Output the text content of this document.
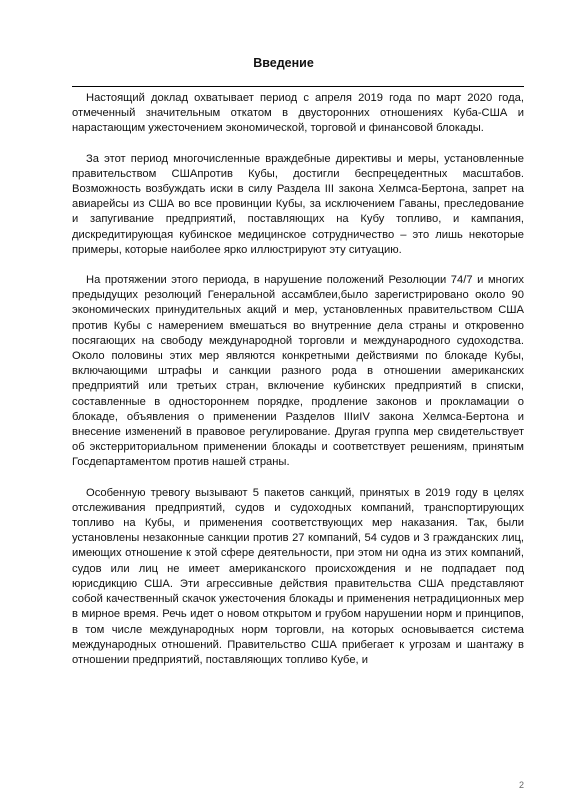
Введение

Настоящий доклад охватывает период с апреля 2019 года по март 2020 года, отмеченный значительным откатом в двусторонних отношениях Куба-США и нарастающим ужесточением экономической, торговой и финансовой блокады.

За этот период многочисленные враждебные директивы и меры, установленные правительством СШАпротив Кубы, достигли беспрецедентных масштабов. Возможность возбуждать иски в силу Раздела III закона Хелмса-Бертона, запрет на авиарейсы из США во все провинции Кубы, за исключением Гаваны, преследование и запугивание предприятий, поставляющих на Кубу топливо, и кампания, дискредитирующая кубинское медицинское сотрудничество – это лишь некоторые примеры, которые наиболее ярко иллюстрируют эту ситуацию.

На протяжении этого периода, в нарушение положений Резолюции 74/7 и многих предыдущих резолюций Генеральной ассамблеи,было зарегистрировано около 90 экономических принудительных акций и мер, установленных правительством США против Кубы с намерением вмешаться во внутренние дела страны и откровенно посягающих на свободу международной торговли и международного судоходства. Около половины этих мер являются конкретными действиями по блокаде Кубы, включающими штрафы и санкции разного рода в отношении американских предприятий или третьих стран, включение кубинских предприятий в списки, составленные в одностороннем порядке, продление законов и прокламации о блокаде, объявления о применении Разделов IIIиIV закона Хелмса-Бертона и внесение изменений в правовое регулирование. Другая группа мер свидетельствует об экстерриториальном применении блокады и соответствует решениям, принятым Госдепартаментом против нашей страны.

Особенную тревогу вызывают 5 пакетов санкций, принятых в 2019 году в целях отслеживания предприятий, судов и судоходных компаний, транспортирующих топливо на Кубы, и применения соответствующих мер наказания. Так, были установлены незаконные санкции против 27 компаний, 54 судов и 3 гражданских лиц, имеющих отношение к этой сфере деятельности, при этом ни одна из этих компаний, судов или лиц не имеет американского происхождения и не подпадает под юрисдикцию США. Эти агрессивные действия правительства США представляют собой качественный скачок ужесточения блокады и применения нетрадиционных мер в мирное время. Речь идет о новом открытом и грубом нарушении норм и принципов, в том числе международных норм торговли, на которых основывается система международных отношений. Правительство США прибегает к угрозам и шантажу в отношении предприятий, поставляющих топливо Кубе, и

2
